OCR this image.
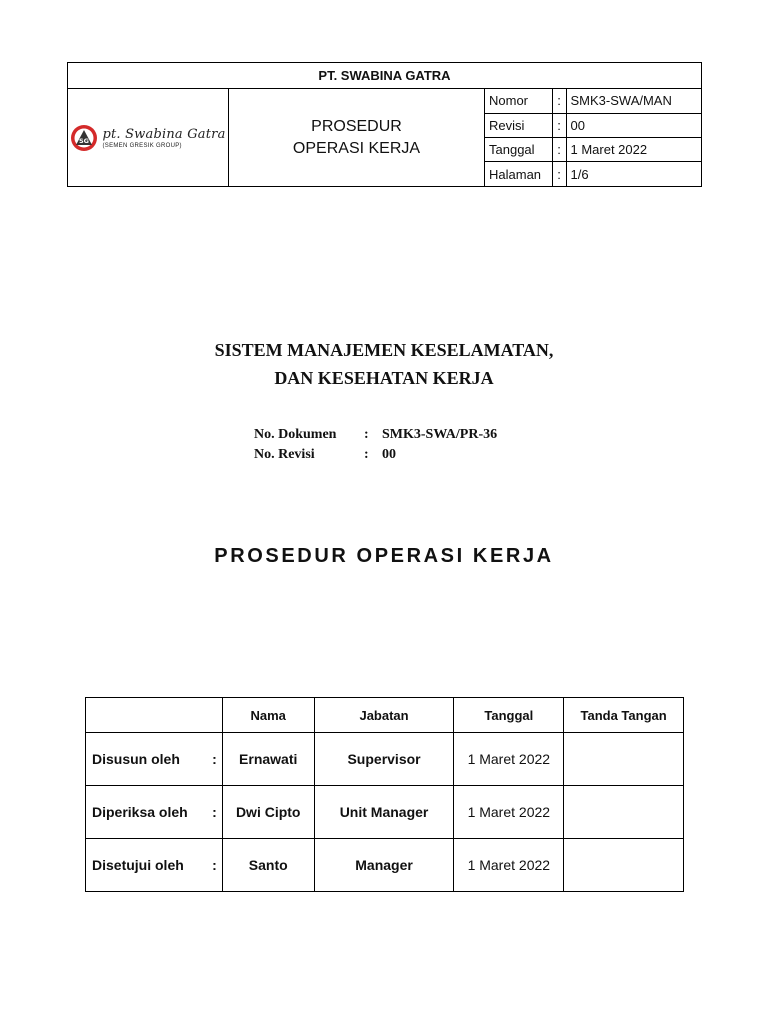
PT. SWABINA GATRA
SG pt. Swabina Gatra
(SEMEN GRESIK GROUP)
PROSEDUR
OPERASI KERJA
Nomor	:	SMK3-SWA/MAN
Revisi	:	00
Tanggal	:	1 Maret 2022
Halaman	:	1/6
SISTEM MANAJEMEN KESELAMATAN,
DAN KESEHATAN KERJA
No. Dokumen : SMK3-SWA/PR-36
No. Revisi	: 00
PROSEDUR OPERASI KERJA
	Nama	Jabatan	Tanggal	Tanda Tangan
Disusun oleh :	Ernawati	Supervisor	1 Maret 2022	
Diperiksa oleh :	Dwi Cipto	Unit Manager	1 Maret 2022	
Disetujui oleh :	Santo	Manager	1 Maret 2022	
